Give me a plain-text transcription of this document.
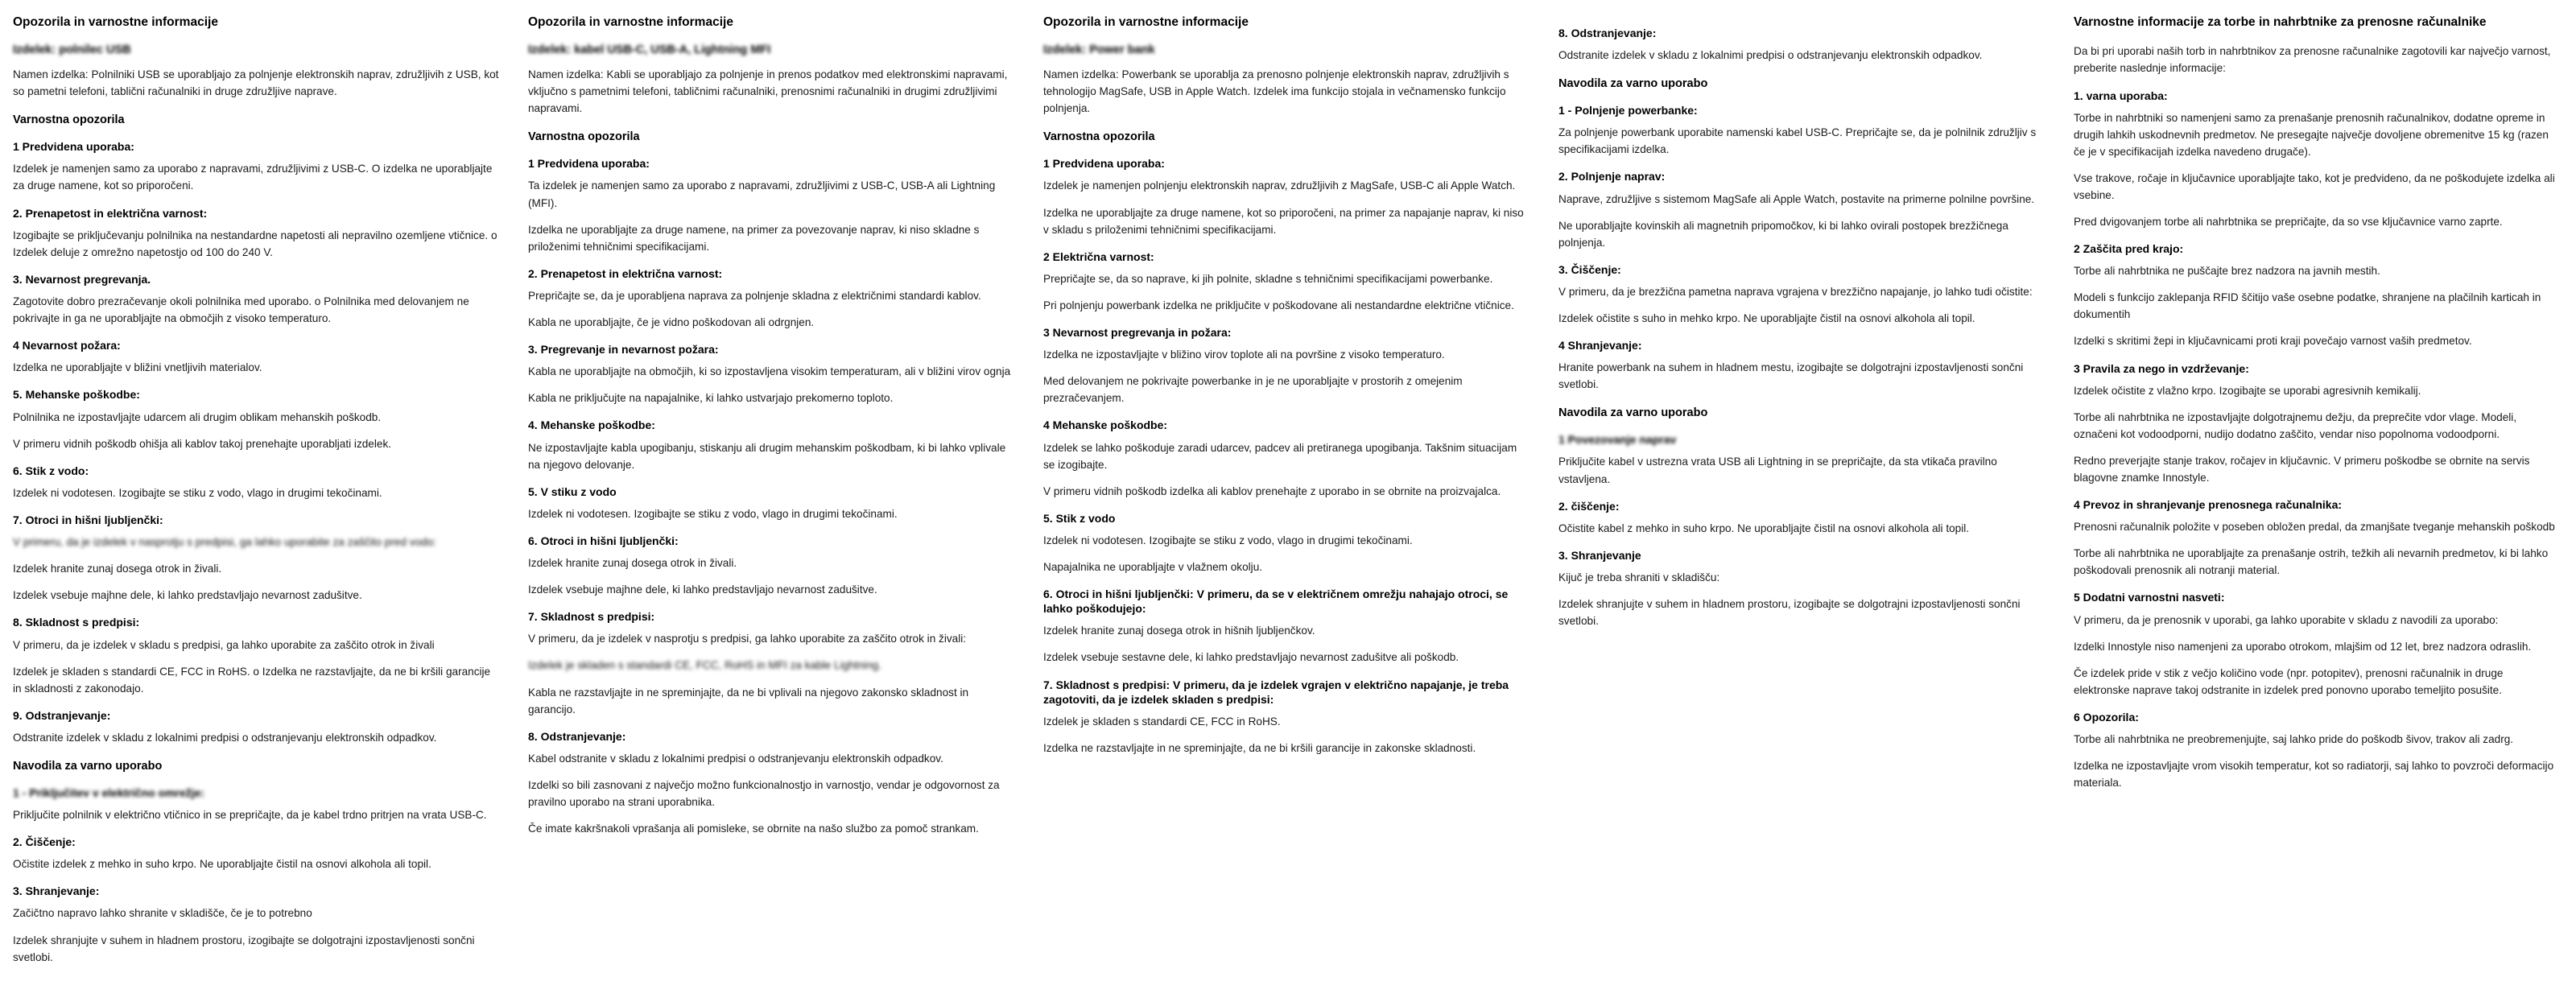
Opozorila in varnostne informacije
Izdelek: polnilec USB

Namen izdelka: Polnilniki USB se uporabljajo za polnjenje elektronskih naprav, združljivih z USB, kot so pametni telefoni, tablični računalniki in druge združljive naprave.

Varnostna opozorila
1 Predvidena uporaba:

Izdelek je namenjen samo za uporabo z napravami, združljivimi z USB-C. O izdelka ne uporabljajte za druge namene, kot so priporočeni.

2. Prenapetost in električna varnost:

Izogibajte se priključevanju polnilnika na nestandardne napetosti ali nepravilno ozemljene vtičnice. o Izdelek deluje z omrežno napetostjo od 100 do 240 V.

3. Nevarnost pregrevanja.

Zagotovite dobro prezračevanje okoli polnilnika med uporabo. o Polnilnika med delovanjem ne pokrivajte in ga ne uporabljajte na območjih z visoko temperaturo.

4 Nevarnost požara:

Izdelka ne uporabljajte v bližini vnetljivih materialov.

5. Mehanske poškodbe:

Polnilnika ne izpostavljajte udarcem ali drugim oblikam mehanskih poškodb.

V primeru vidnih poškodb ohišja ali kablov takoj prenehajte uporabljati izdelek.

6. Stik z vodo:

Izdelek ni vodotesen. Izogibajte se stiku z vodo, vlago in drugimi tekočinami.

7. Otroci in hišni ljubljenčki:

V primeru, da je izdelek v nasprotju s predpisi, ga lahko uporabite za zaščito pred vodo:

Izdelek hranite zunaj dosega otrok in živali.

Izdelek vsebuje majhne dele, ki lahko predstavljajo nevarnost zadušitve.

8. Skladnost s predpisi:

V primeru, da je izdelek v skladu s predpisi, ga lahko uporabite za zaščito otrok in živali

Izdelek je skladen s standardi CE, FCC in RoHS. o Izdelka ne razstavljajte, da ne bi kršili garancije in skladnosti z zakonodajo.

9. Odstranjevanje:

Odstranite izdelek v skladu z lokalnimi predpisi o odstranjevanju elektronskih odpadkov.

Navodila za varno uporabo
1 - Priključitev v električno omrežje:

Priključite polnilnik v električno vtičnico in se prepričajte, da je kabel trdno pritrjen na vrata USB-C.

2. Čiščenje:

Očistite izdelek z mehko in suho krpo. Ne uporabljajte čistil na osnovi alkohola ali topil.

3. Shranjevanje:

Začičtno napravo lahko shranite v skladišče, če je to potrebno

Izdelek shranjujte v suhem in hladnem prostoru, izogibajte se dolgotrajni izpostavljenosti sončni svetlobi.

Opozorila in varnostne informacije
Izdelek: kabel USB-C, USB-A, Lightning MFI

Namen izdelka: Kabli se uporabljajo za polnjenje in prenos podatkov med elektronskimi napravami, vključno s pametnimi telefoni, tabličnimi računalniki, prenosnimi računalniki in drugimi združljivimi napravami.

Varnostna opozorila
1 Predvidena uporaba:

Ta izdelek je namenjen samo za uporabo z napravami, združljivimi z USB-C, USB-A ali Lightning (MFI).

Izdelka ne uporabljajte za druge namene, na primer za povezovanje naprav, ki niso skladne s priloženimi tehničnimi specifikacijami.

2. Prenapetost in električna varnost:

Prepričajte se, da je uporabljena naprava za polnjenje skladna z električnimi standardi kablov.

Kabla ne uporabljajte, če je vidno poškodovan ali odrgnjen.

3. Pregrevanje in nevarnost požara:

Kabla ne uporabljajte na območjih, ki so izpostavljena visokim temperaturam, ali v bližini virov ognja

Kabla ne priključujte na napajalnike, ki lahko ustvarjajo prekomerno toploto.

4. Mehanske poškodbe:

Ne izpostavljajte kabla upogibanju, stiskanju ali drugim mehanskim poškodbam, ki bi lahko vplivale na njegovo delovanje.

5. V stiku z vodo

Izdelek ni vodotesen. Izogibajte se stiku z vodo, vlago in drugimi tekočinami.

6. Otroci in hišni ljubljenčki:

Izdelek hranite zunaj dosega otrok in živali.

Izdelek vsebuje majhne dele, ki lahko predstavljajo nevarnost zadušitve.

7. Skladnost s predpisi:

V primeru, da je izdelek v nasprotju s predpisi, ga lahko uporabite za zaščito otrok in živali:

Izdelek je skladen s standardi CE, FCC, RoHS in MFI za kable Lightning.

Kabla ne razstavljajte in ne spreminjajte, da ne bi vplivali na njegovo zakonsko skladnost in garancijo.

8. Odstranjevanje:

Kabel odstranite v skladu z lokalnimi predpisi o odstranjevanju elektronskih odpadkov.

Izdelki so bili zasnovani z največjo možno funkcionalnostjo in varnostjo, vendar je odgovornost za pravilno uporabo na strani uporabnika.

Če imate kakršnakoli vprašanja ali pomisleke, se obrnite na našo službo za pomoč strankam.

Opozorila in varnostne informacije
Izdelek: Power bank

Namen izdelka: Powerbank se uporablja za prenosno polnjenje elektronskih naprav, združljivih s tehnologijo MagSafe, USB in Apple Watch. Izdelek ima funkcijo stojala in večnamensko funkcijo polnjenja.

Varnostna opozorila
1 Predvidena uporaba:

Izdelek je namenjen polnjenju elektronskih naprav, združljivih z MagSafe, USB-C ali Apple Watch.

Izdelka ne uporabljajte za druge namene, kot so priporočeni, na primer za napajanje naprav, ki niso v skladu s priloženimi tehničnimi specifikacijami.

2 Električna varnost:

Prepričajte se, da so naprave, ki jih polnite, skladne s tehničnimi specifikacijami powerbanke.

Pri polnjenju powerbank izdelka ne priključite v poškodovane ali nestandardne električne vtičnice.

3 Nevarnost pregrevanja in požara:

Izdelka ne izpostavljajte v bližino virov toplote ali na površine z visoko temperaturo.

Med delovanjem ne pokrivajte powerbanke in je ne uporabljajte v prostorih z omejenim prezračevanjem.

4 Mehanske poškodbe:

Izdelek se lahko poškoduje zaradi udarcev, padcev ali pretiranega upogibanja. Takšnim situacijam se izogibajte.

V primeru vidnih poškodb izdelka ali kablov prenehajte z uporabo in se obrnite na proizvajalca.

5. Stik z vodo

Izdelek ni vodotesen. Izogibajte se stiku z vodo, vlago in drugimi tekočinami.

Napajalnika ne uporabljajte v vlažnem okolju.

6. Otroci in hišni ljubljenčki: V primeru, da se v električnem omrežju nahajajo otroci, se lahko poškodujejo:

Izdelek hranite zunaj dosega otrok in hišnih ljubljenčkov.

Izdelek vsebuje sestavne dele, ki lahko predstavljajo nevarnost zadušitve ali poškodb.

7. Skladnost s predpisi: V primeru, da je izdelek vgrajen v električno napajanje, je treba zagotoviti, da je izdelek skladen s predpisi:

Izdelek je skladen s standardi CE, FCC in RoHS.

Izdelka ne razstavljajte in ne spreminjajte, da ne bi kršili garancije in zakonske skladnosti.

8. Odstranjevanje:

Odstranite izdelek v skladu z lokalnimi predpisi o odstranjevanju elektronskih odpadkov.

Navodila za varno uporabo
1 - Polnjenje powerbanke:

Za polnjenje powerbank uporabite namenski kabel USB-C. Prepričajte se, da je polnilnik združljiv s specifikacijami izdelka.

2. Polnjenje naprav:

Naprave, združljive s sistemom MagSafe ali Apple Watch, postavite na primerne polnilne površine.

Ne uporabljajte kovinskih ali magnetnih pripomočkov, ki bi lahko ovirali postopek brezžičnega polnjenja.

3. Čiščenje:

V primeru, da je brezžična pametna naprava vgrajena v brezžično napajanje, jo lahko tudi očistite:

Izdelek očistite s suho in mehko krpo. Ne uporabljajte čistil na osnovi alkohola ali topil.

4 Shranjevanje:

Hranite powerbank na suhem in hladnem mestu, izogibajte se dolgotrajni izpostavljenosti sončni svetlobi.

Navodila za varno uporabo
1 Povezovanje naprav

Priključite kabel v ustrezna vrata USB ali Lightning in se prepričajte, da sta vtikača pravilno vstavljena.

2. čiščenje:

Očistite kabel z mehko in suho krpo. Ne uporabljajte čistil na osnovi alkohola ali topil.

3. Shranjevanje

Kijuč je treba shraniti v skladišču:

Izdelek shranjujte v suhem in hladnem prostoru, izogibajte se dolgotrajni izpostavljenosti sončni svetlobi.

Varnostne informacije za torbe in nahrbtnike za prenosne računalnike

Da bi pri uporabi naših torb in nahrbtnikov za prenosne računalnike zagotovili kar največjo varnost, preberite naslednje informacije:

1. varna uporaba:

Torbe in nahrbtniki so namenjeni samo za prenašanje prenosnih računalnikov, dodatne opreme in drugih lahkih uskodnevnih predmetov. Ne presegajte največje dovoljene obremenitve 15 kg (razen če je v specifikacijah izdelka navedeno drugače).

Vse trakove, ročaje in ključavnice uporabljajte tako, kot je predvideno, da ne poškodujete izdelka ali vsebine.

Pred dvigovanjem torbe ali nahrbtnika se prepričajte, da so vse ključavnice varno zaprte.

2 Zaščita pred krajo:

Torbe ali nahrbtnika ne puščajte brez nadzora na javnih mestih.

Modeli s funkcijo zaklepanja RFID ščitijo vaše osebne podatke, shranjene na plačilnih karticah in dokumentih

Izdelki s skritimi žepi in ključavnicami proti kraji povečajo varnost vaših predmetov.

3 Pravila za nego in vzdrževanje:

Izdelek očistite z vlažno krpo. Izogibajte se uporabi agresivnih kemikalij.

Torbe ali nahrbtnika ne izpostavljajte dolgotrajnemu dežju, da preprečite vdor vlage. Modeli, označeni kot vodoodporni, nudijo dodatno zaščito, vendar niso popolnoma vodoodporni.

Redno preverjajte stanje trakov, ročajev in ključavnic. V primeru poškodbe se obrnite na servis blagovne znamke Innostyle.

4 Prevoz in shranjevanje prenosnega računalnika:

Prenosni računalnik položite v poseben obložen predal, da zmanjšate tveganje mehanskih poškodb

Torbe ali nahrbtnika ne uporabljajte za prenašanje ostrih, težkih ali nevarnih predmetov, ki bi lahko poškodovali prenosnik ali notranji material.

5 Dodatni varnostni nasveti:

V primeru, da je prenosnik v uporabi, ga lahko uporabite v skladu z navodili za uporabo:

Izdelki Innostyle niso namenjeni za uporabo otrokom, mlajšim od 12 let, brez nadzora odraslih.

Če izdelek pride v stik z večjo količino vode (npr. potopitev), prenosni računalnik in druge elektronske naprave takoj odstranite in izdelek pred ponovno uporabo temeljito posušite.

6 Opozorila:

Torbe ali nahrbtnika ne preobremenjujte, saj lahko pride do poškodb šivov, trakov ali zadrg.

Izdelka ne izpostavljajte vrom visokih temperatur, kot so radiatorji, saj lahko to povzroči deformacijo materiala.
